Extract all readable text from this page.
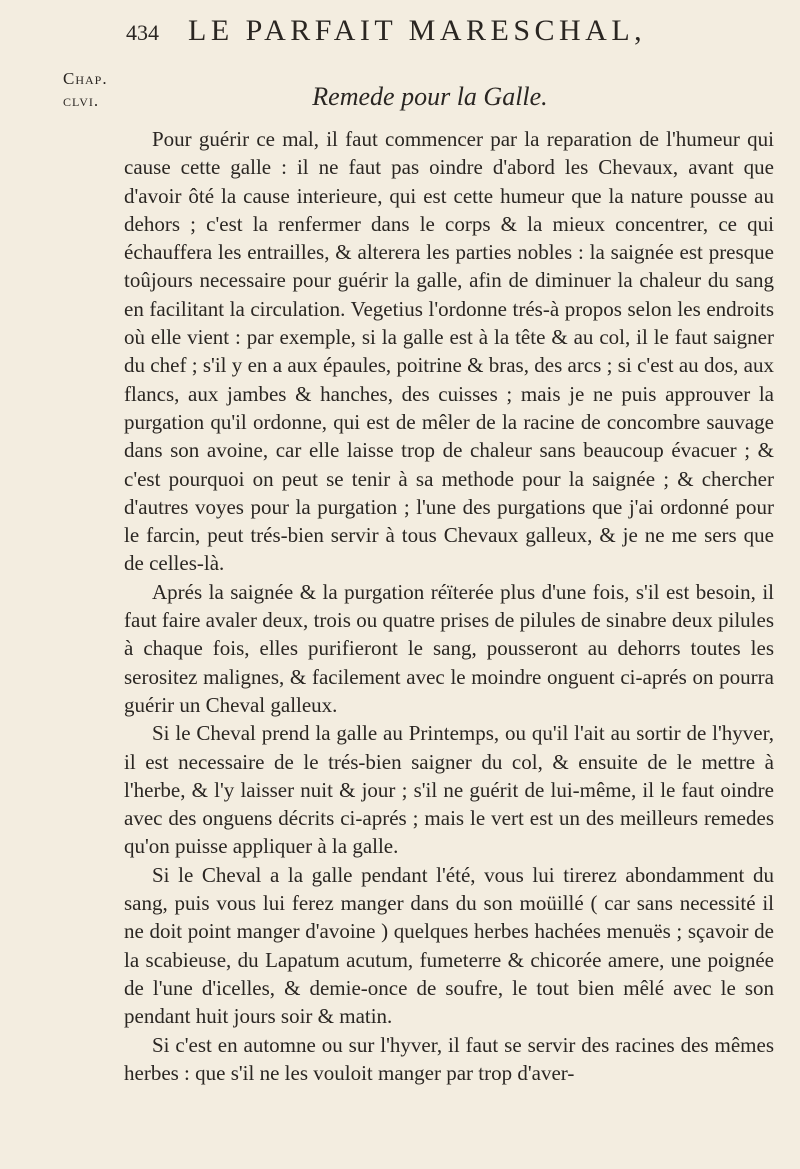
Chap.
clvi.
434 LE PARFAIT MARESCHAL,
Remede pour la Galle.

Pour guérir ce mal, il faut commencer par la reparation de l'humeur qui cause cette galle : il ne faut pas oindre d'abord les Chevaux, avant que d'avoir ôté la cause interieure, qui est cette humeur que la nature pousse au dehors ; c'est la renfermer dans le corps & la mieux concentrer, ce qui échauffera les entrailles, & alterera les parties nobles : la saignée est presque toûjours necessaire pour guérir la galle, afin de diminuer la chaleur du sang en facilitant la circulation. Vegetius l'ordonne trés-à propos selon les endroits où elle vient : par exemple, si la galle est à la tête & au col, il le faut saigner du chef ; s'il y en a aux épaules, poitrine & bras, des arcs ; si c'est au dos, aux flancs, aux jambes & hanches, des cuisses ; mais je ne puis approuver la purgation qu'il ordonne, qui est de mêler de la racine de concombre sauvage dans son avoine, car elle laisse trop de chaleur sans beaucoup évacuer ; & c'est pourquoi on peut se tenir à sa methode pour la saignée ; & chercher d'autres voyes pour la purgation ; l'une des purgations que j'ai ordonné pour le farcin, peut trés-bien servir à tous Chevaux galleux, & je ne me sers que de celles-là.

Aprés la saignée & la purgation réïterée plus d'une fois, s'il est besoin, il faut faire avaler deux, trois ou quatre prises de pilules de sinabre deux pilules à chaque fois, elles purifieront le sang, pousseront au dehorrs toutes les serositez malignes, & facilement avec le moindre onguent ci-aprés on pourra guérir un Cheval galleux.

Si le Cheval prend la galle au Printemps, ou qu'il l'ait au sortir de l'hyver, il est necessaire de le trés-bien saigner du col, & ensuite de le mettre à l'herbe, & l'y laisser nuit & jour ; s'il ne guérit de lui-même, il le faut oindre avec des onguens décrits ci-aprés ; mais le vert est un des meilleurs remedes qu'on puisse appliquer à la galle.

Si le Cheval a la galle pendant l'été, vous lui tirerez abondamment du sang, puis vous lui ferez manger dans du son moüillé ( car sans necessité il ne doit point manger d'avoine ) quelques herbes hachées menuës ; sçavoir de la scabieuse, du Lapatum acutum, fumeterre & chicorée amere, une poignée de l'une d'icelles, & demie-once de soufre, le tout bien mêlé avec le son pendant huit jours soir & matin.

Si c'est en automne ou sur l'hyver, il faut se servir des racines des mêmes herbes : que s'il ne les vouloit manger par trop d'aver-
